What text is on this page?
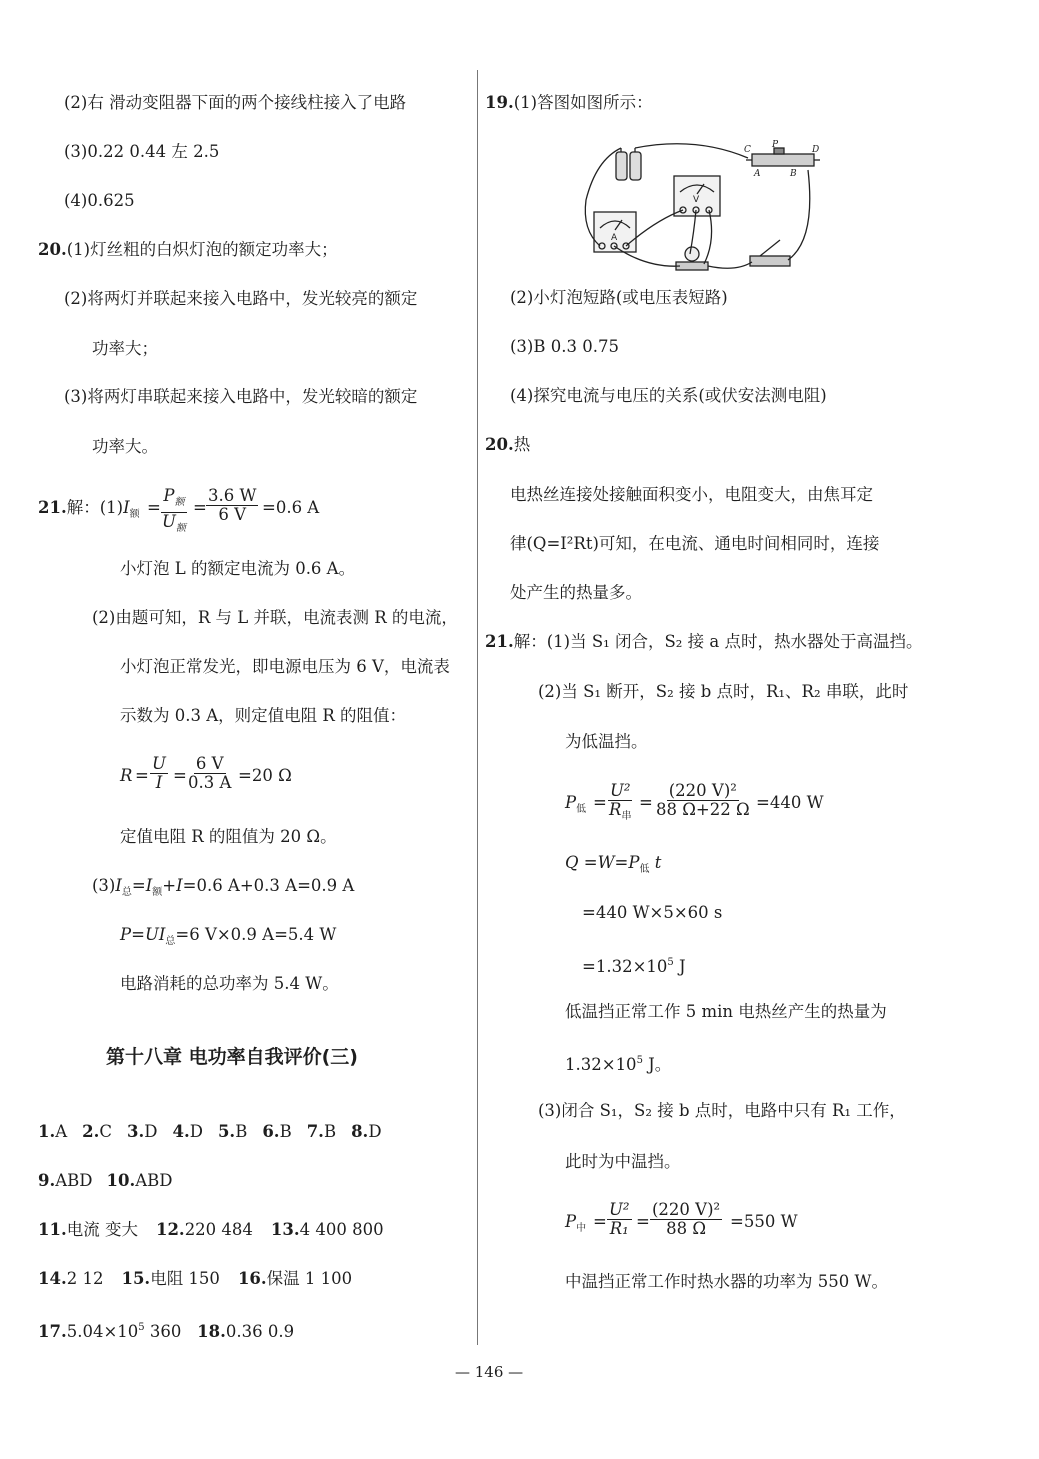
(2)右 滑动变阻器下面的两个接线柱接入了电路
(3)0.22 0.44 左 2.5
(4)0.625
20.(1)灯丝粗的白炽灯泡的额定功率大；
(2)将两灯并联起来接入电路中，发光较亮的额定
功率大；
(3)将两灯串联起来接入电路中，发光较暗的额定
功率大。
21.解：$(1)I_额$ =
$P_额$
$U_额$
= $\frac{3.6 W}{6 V} =0.6$ A
小灯泡 L 的额定电流为 0.6 A。
(2)由题可知，R 与 L 并联，电流表测 R 的电流，
小灯泡正常发光，即电源电压为 6 V，电流表
示数为 0.3 A，则定值电阻 R 的阻值：
$R = \frac{U}{I} = \frac{6 V}{0.3 A} =20$ Ω
定值电阻 R 的阻值为 20 Ω。
$(3)I_总=I_额+I=0.6$ A+0.3 A=0.9 A
$P=UI_总=6$ V×0.9 A=5.4 W
电路消耗的总功率为 5.4 W。
第十八章 电功率自我评价(三)
1.A 2.C 3.D 4.D 5.B 6.B 7.B 8.D
9.ABD 10.ABD
11.电流 变大 12.220 484 13.4 400 800
14.2 12 15.电阻 150 16.保温 1 100
$17.5.04\times 10^5$ 360 18.0.36 0.9
19.(1)答图如图所示：
C P	D
A	B
A
V
(2)小灯泡短路(或电压表短路)
(3)B 0.3 0.75
(4)探究电流与电压的关系(或伏安法测电阻)
20.热
电热丝连接处接触面积变小，电阻变大，由焦耳定
律(Q=I²Rt)可知，在电流、通电时间相同时，连接
处产生的热量多。
21.解：(1)当 S₁ 闭合，S₂ 接 a 点时，热水器处于高温挡。
(2)当 S₁ 断开，S₂ 接 b 点时，R₁、R₂ 串联，此时
为低温挡。
$P_低$ =
U²
$R_串$
= $\frac{\text{(220 V)²}}{88 \Omega+22 \Omega} =440$ W
$Q =W=P_低$ t
=440 W×5×60 s
$=1.32\times 10^5$ J
低温挡正常工作 5 min 电热丝产生的热量为
$1.32\times 10^5$ J。
(3)闭合 S₁，S₂ 接 b 点时，电路中只有 R₁ 工作，
此时为中温挡。
$P_中 = \frac{\text{U²}}{\text{R₁}} = \frac{\text{(220 V)²}}{88 \Omega} =550$ W
中温挡正常工作时热水器的功率为 550 W。
— 146 —
